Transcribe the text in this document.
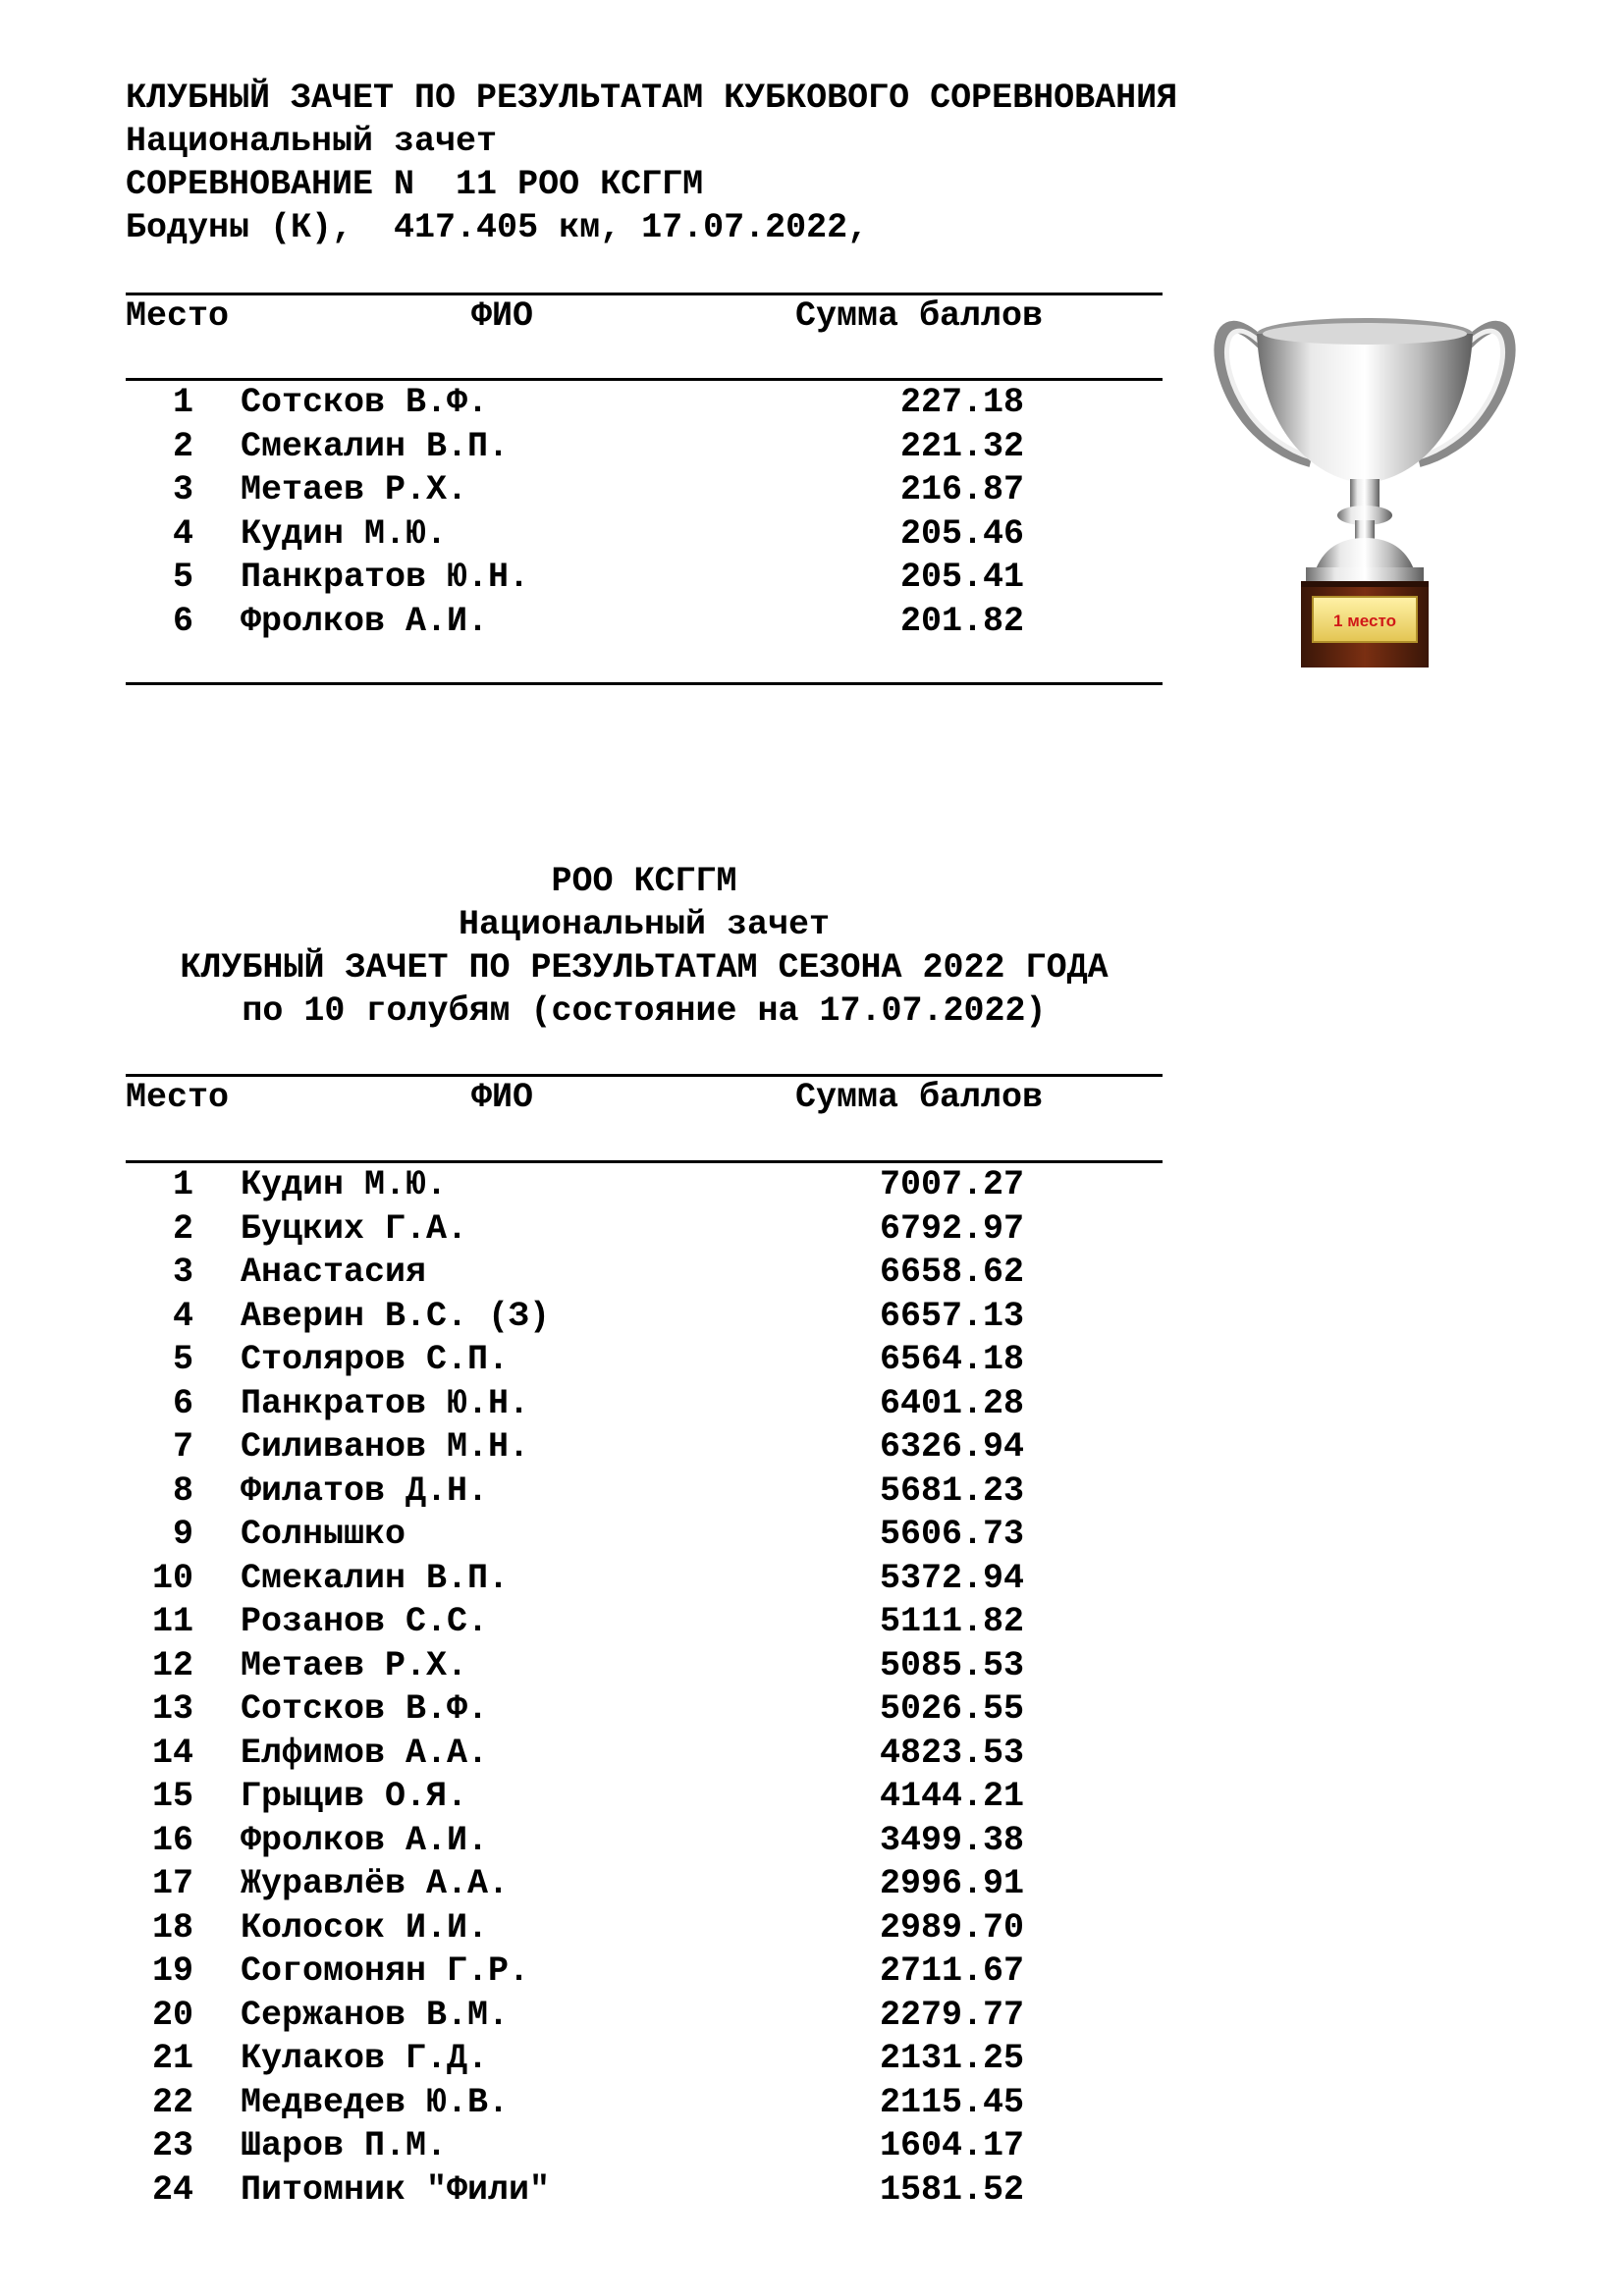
КЛУБНЫЙ ЗАЧЕТ ПО РЕЗУЛЬТАТАМ КУБКОВОГО СОРЕВНОВАНИЯ
Национальный зачет
СОРЕВНОВАНИЕ N  11 РОО КСГГМ
Бодуны (К),  417.405 км, 17.07.2022,
Место	ФИО	Сумма баллов
1 Сотсков В.Ф.	227.18
2 Смекалин В.П.	221.32
3 Метаев Р.Х.	216.87
4 Кудин М.Ю.	205.46
5 Панкратов Ю.Н.	205.41
6 Фролков А.И.	201.82	1 место
РОО КСГГМ
Национальный зачет
КЛУБНЫЙ ЗАЧЕТ ПО РЕЗУЛЬТАТАМ СЕЗОНА 2022 ГОДА
по 10 голубям (состояние на 17.07.2022)
Место	ФИО	Сумма баллов
1 Кудин М.Ю.	7007.27
2 Буцких Г.А.	6792.97
3 Анастасия	6658.62
4 Аверин В.С. (З)	6657.13
5 Столяров С.П.	6564.18
6 Панкратов Ю.Н.	6401.28
7 Силиванов М.Н.	6326.94
8 Филатов Д.Н.	5681.23
9 Солнышко	5606.73
10 Смекалин В.П.	5372.94
11 Розанов С.С.	5111.82
12 Метаев Р.Х.	5085.53
13 Сотсков В.Ф.	5026.55
14 Елфимов А.А.	4823.53
15 Грыцив О.Я.	4144.21
16 Фролков А.И.	3499.38
17 Журавлёв А.А.	2996.91
18 Колосок И.И.	2989.70
19 Согомонян Г.Р.	2711.67
20 Сержанов В.М.	2279.77
21 Кулаков Г.Д.	2131.25
22 Медведев Ю.В.	2115.45
23 Шаров П.М.	1604.17
24 Питомник "Фили"	1581.52
